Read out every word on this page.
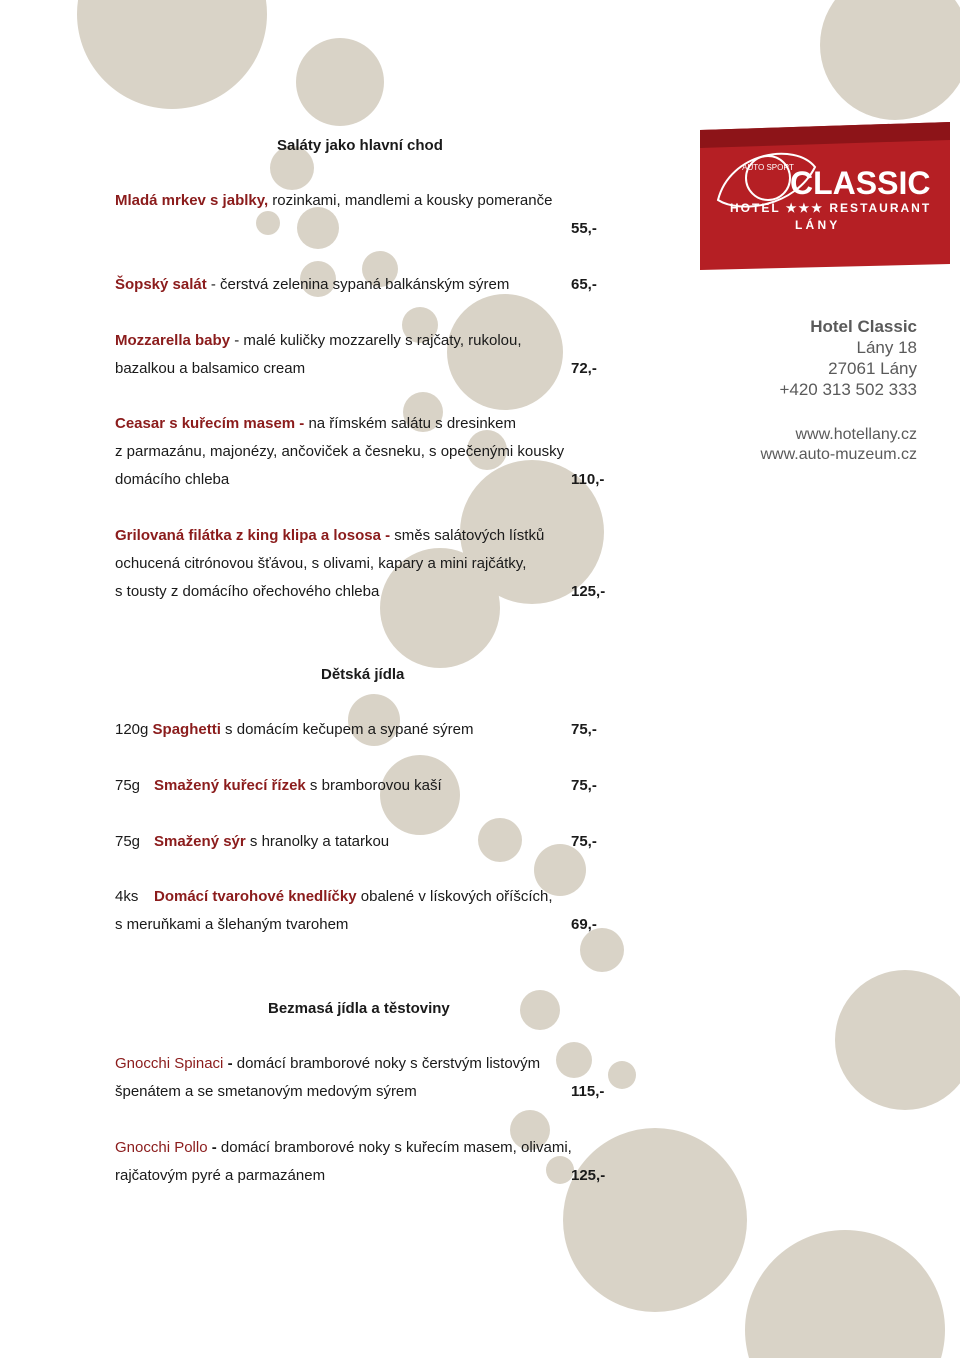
AUTO SPORT
CLASSIC
HOTEL ★★★ RESTAURANT
L Á N Y
Hotel Classic
Lány 18
27061 Lány
+420 313 502 333
www.hotellany.cz
www.auto-muzeum.cz
Saláty jako hlavní chod
Mladá mrkev s jablky, rozinkami, mandlemi a kousky pomeranče
55,-
Šopský salát - čerstvá zelenina sypaná balkánským sýrem	65,-
Mozzarella baby - malé kuličky mozzarelly s rajčaty, rukolou,
bazalkou a balsamico cream	72,-
Ceasar s kuřecím masem - na římském salátu s dresinkem
z parmazánu, majonézy, ančoviček a česneku, s opečenými kousky
domácího chleba	110,-
Grilovaná filátka z king klipa a lososa - směs salátových lístků
ochucená citrónovou šťávou, s olivami, kapary a mini rajčátky,
s tousty z domácího ořechového chleba	125,-
Dětská jídla
120g Spaghetti s domácím kečupem a sypané sýrem	75,-
75g Smažený kuřecí řízek s bramborovou kaší	75,-
75g Smažený sýr s hranolky a tatarkou	75,-
4ks Domácí tvarohové knedlíčky obalené v lískových oříšcích,
s meruňkami a šlehaným tvarohem	69,-
Bezmasá jídla a těstoviny
Gnocchi Spinaci - domácí bramborové noky s čerstvým listovým
špenátem a se smetanovým medovým sýrem	115,-
Gnocchi Pollo - domácí bramborové noky s kuřecím masem, olivami,
rajčatovým pyré a parmazánem	125,-
